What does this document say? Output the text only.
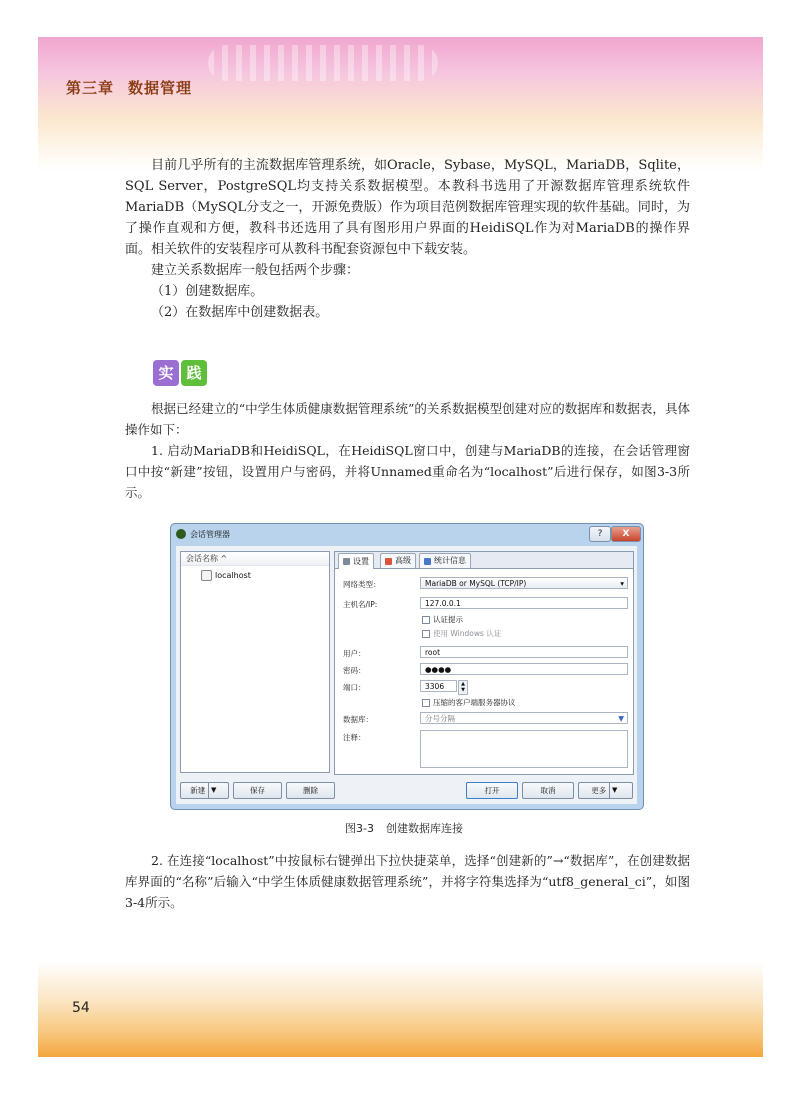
第三章 数据管理
54

目前几乎所有的主流数据库管理系统，如Oracle，Sybase，MySQL，MariaDB，Sqlite，SQL Server，PostgreSQL均支持关系数据模型。本教科书选用了开源数据库管理系统软件MariaDB（MySQL分支之一，开源免费版）作为项目范例数据库管理实现的软件基础。同时，为了操作直观和方便，教科书还选用了具有图形用户界面的HeidiSQL作为对MariaDB的操作界面。相关软件的安装程序可从教科书配套资源包中下载安装。

建立关系数据库一般包括两个步骤：

（1）创建数据库。

（2）在数据库中创建数据表。

实 践

根据已经建立的“中学生体质健康数据管理系统”的关系数据模型创建对应的数据库和数据表，具体操作如下：

1. 启动MariaDB和HeidiSQL，在HeidiSQL窗口中，创建与MariaDB的连接，在会话管理窗口中按“新建”按钮，设置用户与密码，并将Unnamed重命名为“localhost”后进行保存，如图3-3所示。

会话管理器	?	X
会话名称 ^
localhost
设置	高级	统计信息
网络类型：	MariaDB or MySQL (TCP/IP)	▾
主机名/IP:	127.0.0.1
认证提示
使用 Windows 认证
用户：	root
密码：	●●●●
端口：	3306	▲
▼
压缩的客户端服务器协议
数据库：	分号分隔	▼
注释：
新建 ▼	保存	删除	打开	取消	更多 ▼
图3-3 创建数据库连接

2. 在连接“localhost”中按鼠标右键弹出下拉快捷菜单，选择“创建新的”→“数据库”，在创建数据库界面的“名称”后输入“中学生体质健康数据管理系统”，并将字符集选择为“utf8_general_ci”，如图3-4所示。
